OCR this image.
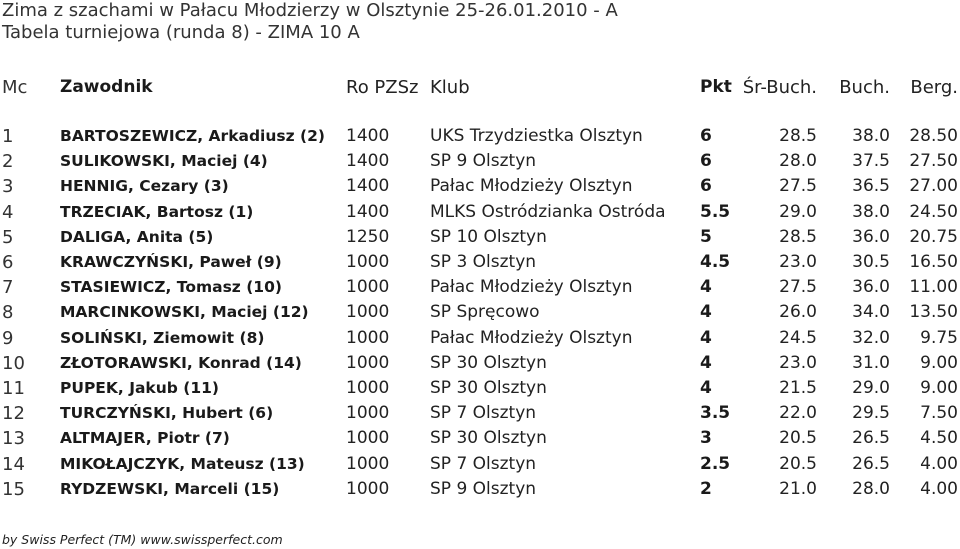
Zima z szachami w Pałacu Młodzierzy w Olsztynie 25-26.01.2010 - A
Tabela turniejowa (runda 8) - ZIMA 10 A
Mc Zawodnik	Ro PZSz Klub	Pkt Śr-Buch. Buch. Berg.
1	BARTOSZEWICZ, Arkadiusz (2) 1400 UKS Trzydziestka Olsztyn	6	28.5 38.0 28.50
2	SULIKOWSKI, Maciej (4)	1400 SP 9 Olsztyn	6	28.0 37.5 27.50
3	HENNIG, Cezary (3)	1400 Pałac Młodzieży Olsztyn	6	27.5 36.5 27.00
4	TRZECIAK, Bartosz (1)	1400 MLKS Ostródzianka Ostróda 5.5	29.0 38.0 24.50
5	DALIGA, Anita (5)	1250 SP 10 Olsztyn	5	28.5 36.0 20.75
6	KRAWCZYŃSKI, Paweł (9)	1000 SP 3 Olsztyn	4.5	23.0 30.5 16.50
7	STASIEWICZ, Tomasz (10)	1000 Pałac Młodzieży Olsztyn	4	27.5 36.0 11.00
8	MARCINKOWSKI, Maciej (12) 1000 SP Spręcowo	4	26.0 34.0 13.50
9	SOLIŃSKI, Ziemowit (8)	1000 Pałac Młodzieży Olsztyn	4	24.5 32.0 9.75
10 ZŁOTORAWSKI, Konrad (14)	1000 SP 30 Olsztyn	4	23.0 31.0 9.00
11 PUPEK, Jakub (11)	1000 SP 30 Olsztyn	4	21.5 29.0 9.00
12 TURCZYŃSKI, Hubert (6)	1000 SP 7 Olsztyn	3.5	22.0 29.5 7.50
13 ALTMAJER, Piotr (7)	1000 SP 30 Olsztyn	3	20.5 26.5 4.50
14 MIKOŁAJCZYK, Mateusz (13) 1000 SP 7 Olsztyn	2.5	20.5 26.5 4.00
15 RYDZEWSKI, Marceli (15)	1000 SP 9 Olsztyn	2	21.0 28.0 4.00
by Swiss Perfect (TM) www.swissperfect.com
